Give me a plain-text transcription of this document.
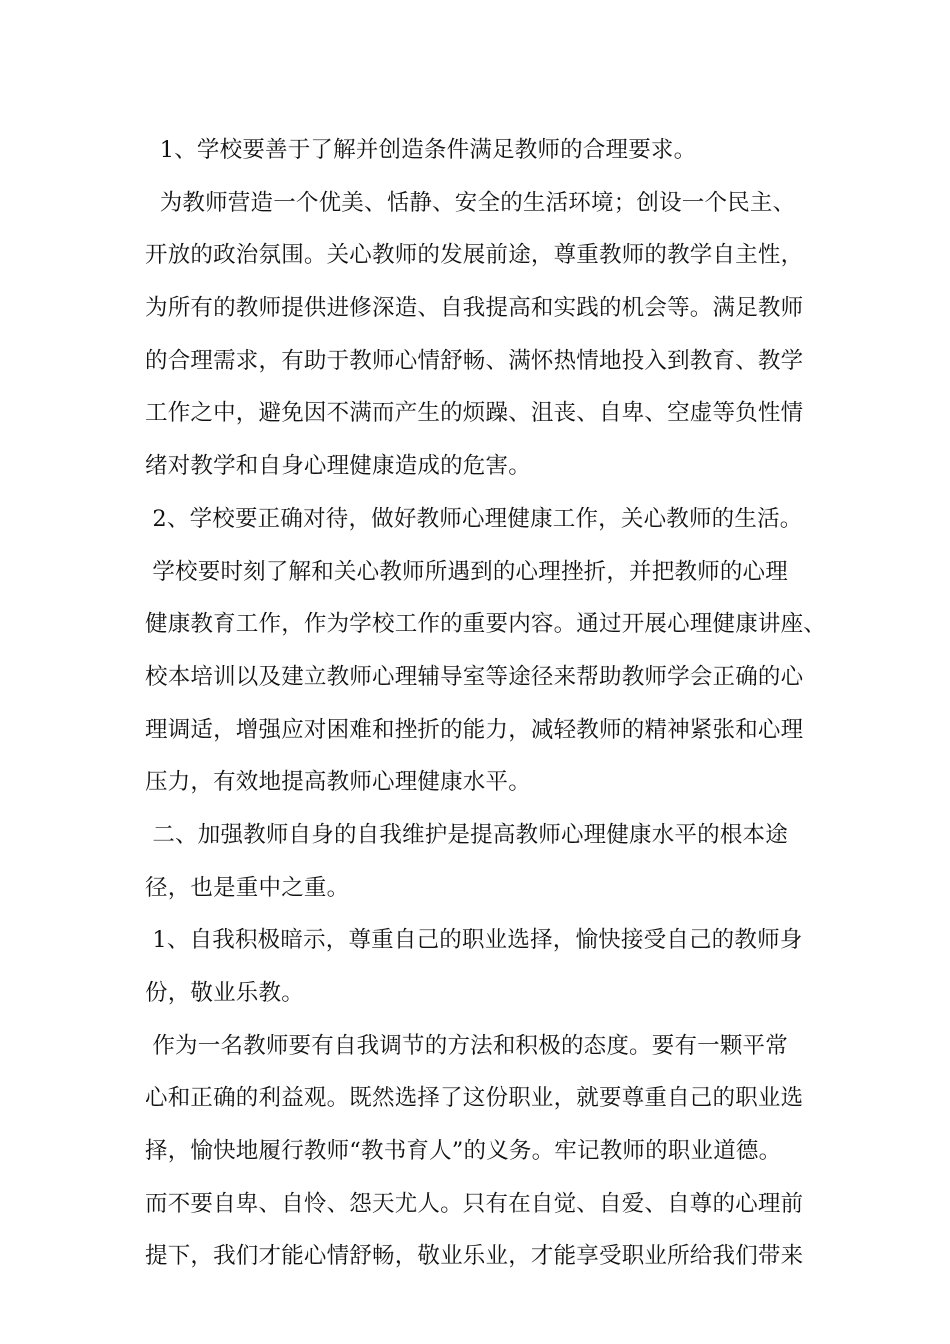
1、学校要善于了解并创造条件满足教师的合理要求。
为教师营造一个优美、恬静、安全的生活环境；创设一个民主、
开放的政治氛围。关心教师的发展前途，尊重教师的教学自主性，
为所有的教师提供进修深造、自我提高和实践的机会等。满足教师
的合理需求，有助于教师心情舒畅、满怀热情地投入到教育、教学
工作之中，避免因不满而产生的烦躁、沮丧、自卑、空虚等负性情
绪对教学和自身心理健康造成的危害。
2、学校要正确对待，做好教师心理健康工作，关心教师的生活。
学校要时刻了解和关心教师所遇到的心理挫折，并把教师的心理
健康教育工作，作为学校工作的重要内容。通过开展心理健康讲座、
校本培训以及建立教师心理辅导室等途径来帮助教师学会正确的心
理调适，增强应对困难和挫折的能力，减轻教师的精神紧张和心理
压力，有效地提高教师心理健康水平。
二、加强教师自身的自我维护是提高教师心理健康水平的根本途
径，也是重中之重。
1、自我积极暗示，尊重自己的职业选择，愉快接受自己的教师身
份，敬业乐教。
作为一名教师要有自我调节的方法和积极的态度。要有一颗平常
心和正确的利益观。既然选择了这份职业，就要尊重自己的职业选
择，愉快地履行教师“教书育人”的义务。牢记教师的职业道德。
而不要自卑、自怜、怨天尤人。只有在自觉、自爱、自尊的心理前
提下，我们才能心情舒畅，敬业乐业，才能享受职业所给我们带来
